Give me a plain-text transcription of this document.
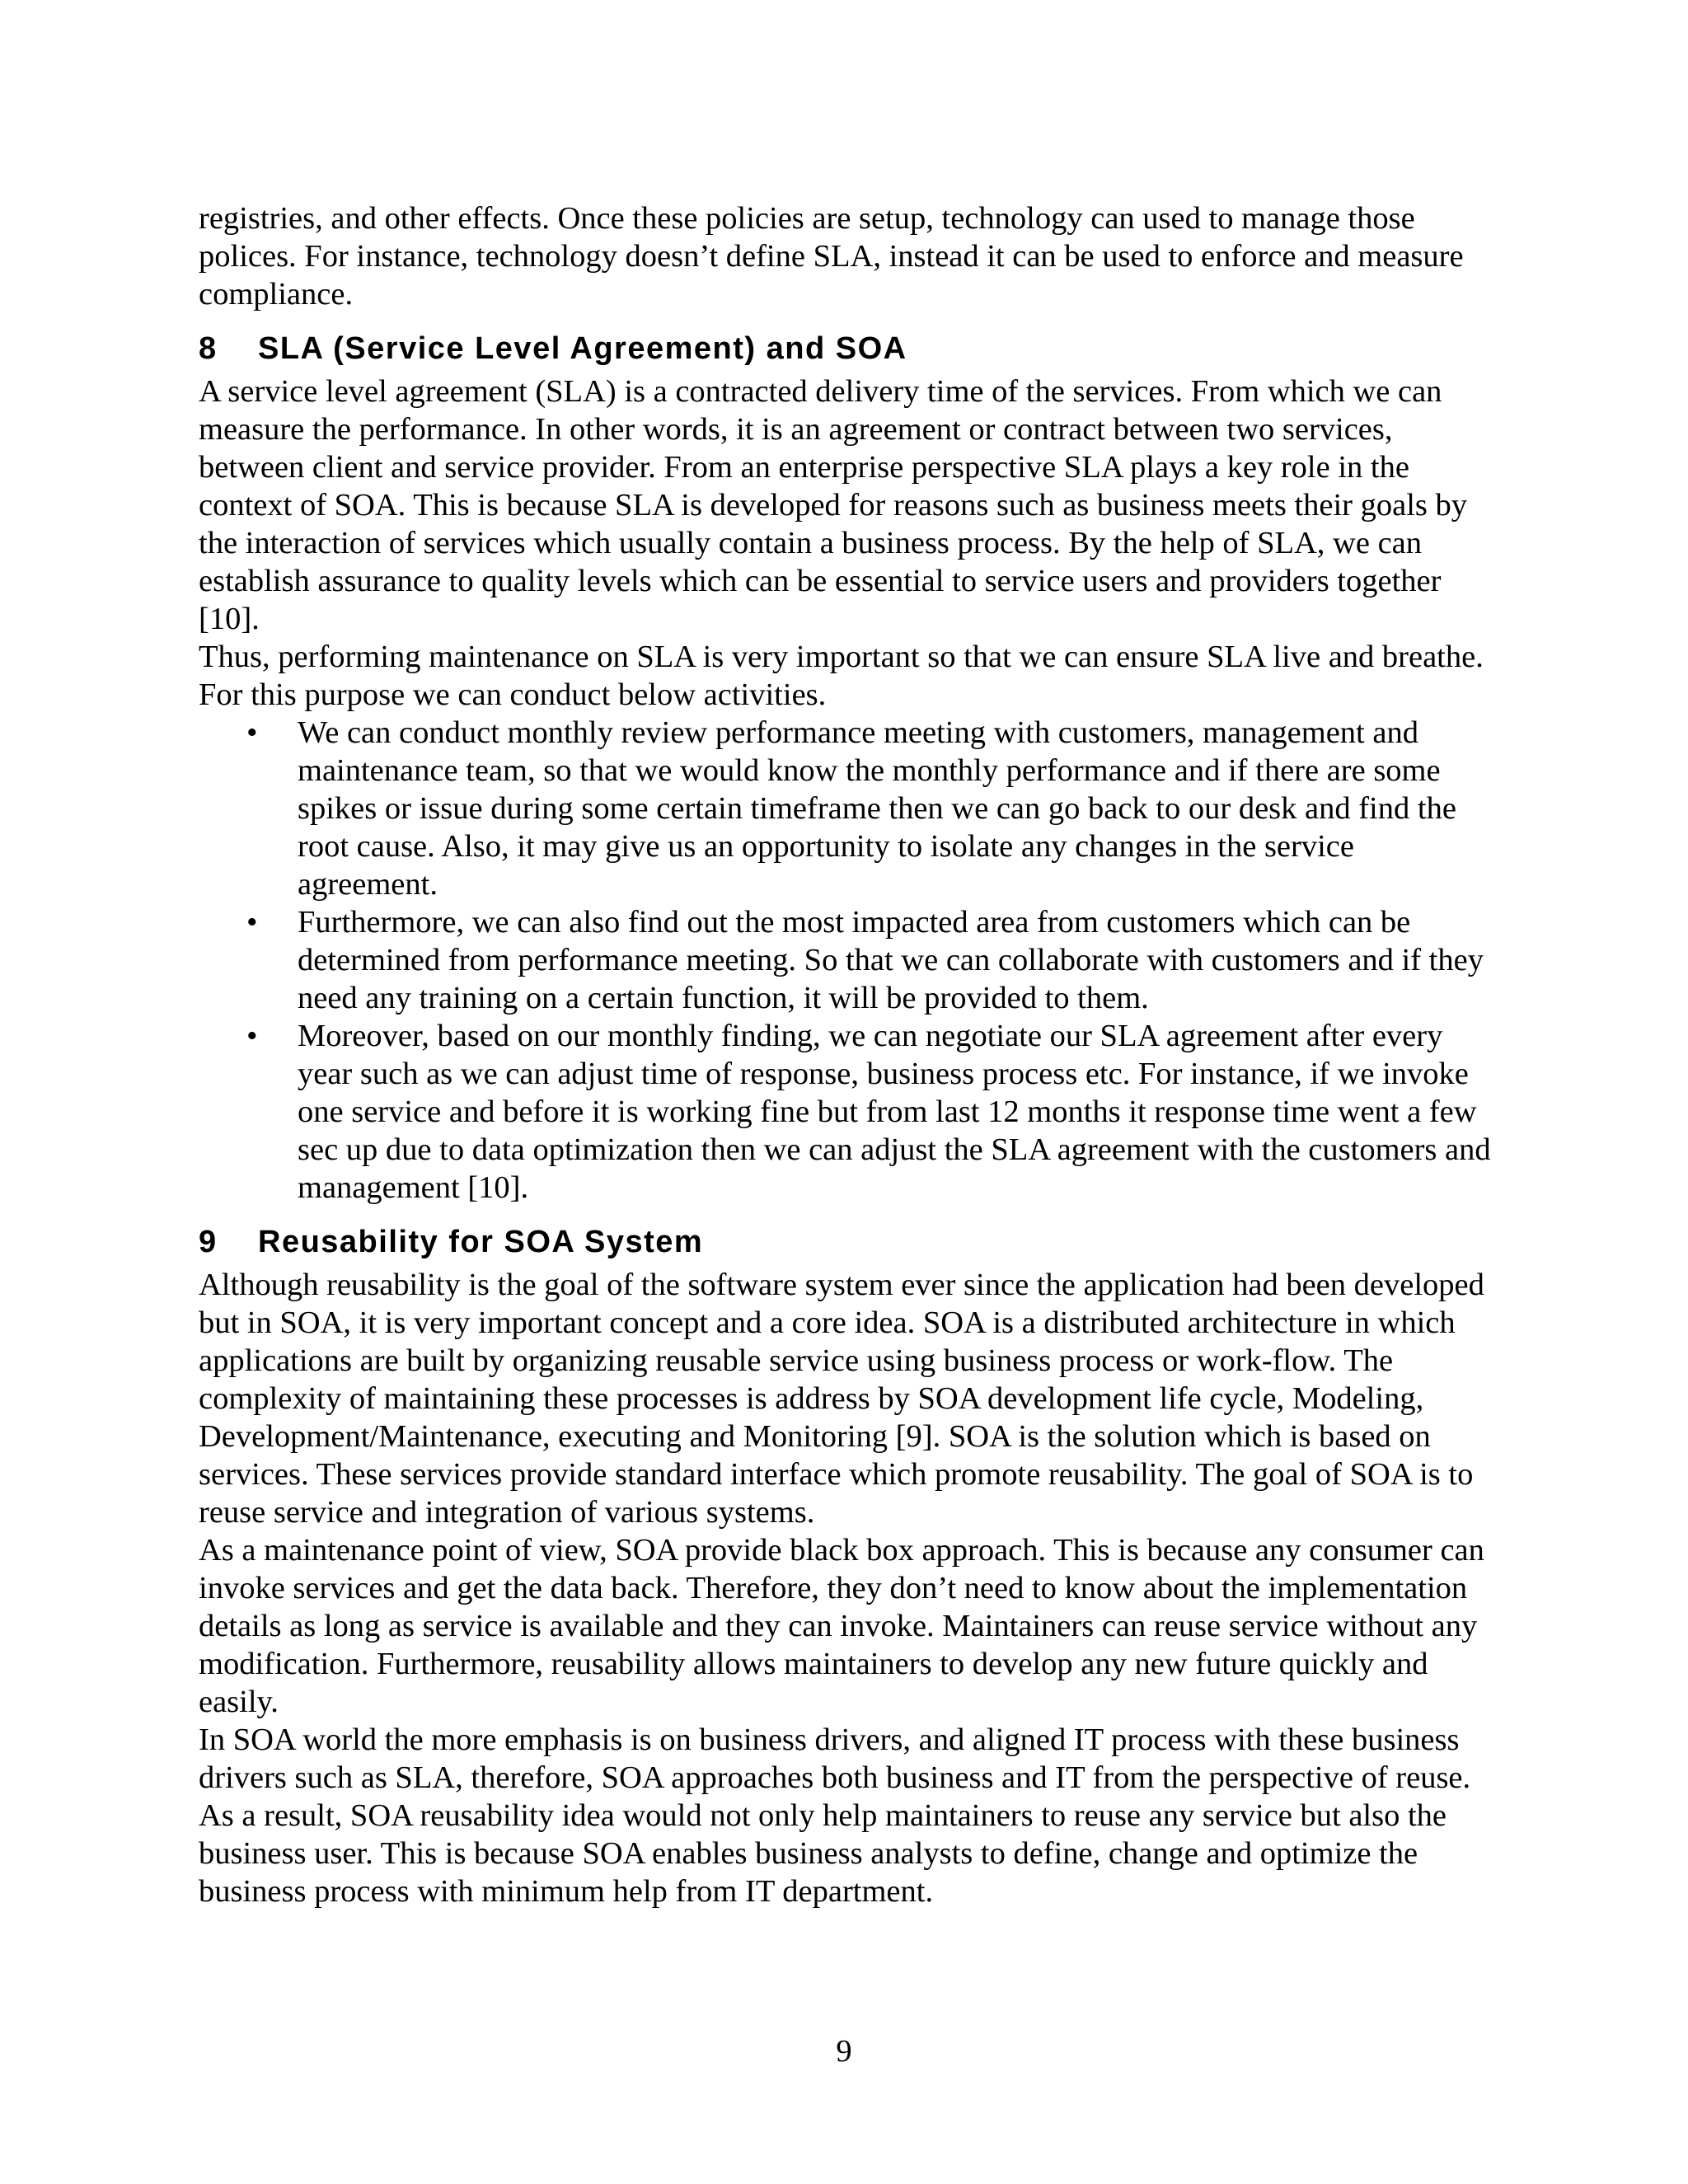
registries, and other effects. Once these policies are setup, technology can used to manage those polices. For instance, technology doesn’t define SLA, instead it can be used to enforce and measure compliance.

8	SLA (Service Level Agreement) and SOA

A service level agreement (SLA) is a contracted delivery time of the services. From which we can measure the performance. In other words, it is an agreement or contract between two services, between client and service provider. From an enterprise perspective SLA plays a key role in the context of SOA. This is because SLA is developed for reasons such as business meets their goals by the interaction of services which usually contain a business process. By the help of SLA, we can establish assurance to quality levels which can be essential to service users and providers together [10].

Thus, performing maintenance on SLA is very important so that we can ensure SLA live and breathe. For this purpose we can conduct below activities.

•	We can conduct monthly review performance meeting with customers, management and maintenance team, so that we would know the monthly performance and if there are some spikes or issue during some certain timeframe then we can go back to our desk and find the root cause. Also, it may give us an opportunity to isolate any changes in the service agreement.

•	Furthermore, we can also find out the most impacted area from customers which can be determined from performance meeting. So that we can collaborate with customers and if they need any training on a certain function, it will be provided to them.

•	Moreover, based on our monthly finding, we can negotiate our SLA agreement after every year such as we can adjust time of response, business process etc. For instance, if we invoke one service and before it is working fine but from last 12 months it response time went a few sec up due to data optimization then we can adjust the SLA agreement with the customers and management [10].

9	Reusability for SOA System

Although reusability is the goal of the software system ever since the application had been developed but in SOA, it is very important concept and a core idea. SOA is a distributed architecture in which applications are built by organizing reusable service using business process or work-flow. The complexity of maintaining these processes is address by SOA development life cycle, Modeling, Development/Maintenance, executing and Monitoring [9]. SOA is the solution which is based on services. These services provide standard interface which promote reusability. The goal of SOA is to reuse service and integration of various systems.

As a maintenance point of view, SOA provide black box approach. This is because any consumer can invoke services and get the data back. Therefore, they don’t need to know about the implementation details as long as service is available and they can invoke. Maintainers can reuse service without any modification. Furthermore, reusability allows maintainers to develop any new future quickly and easily.

In SOA world the more emphasis is on business drivers, and aligned IT process with these business drivers such as SLA, therefore, SOA approaches both business and IT from the perspective of reuse. As a result, SOA reusability idea would not only help maintainers to reuse any service but also the business user. This is because SOA enables business analysts to define, change and optimize the business process with minimum help from IT department.

9
